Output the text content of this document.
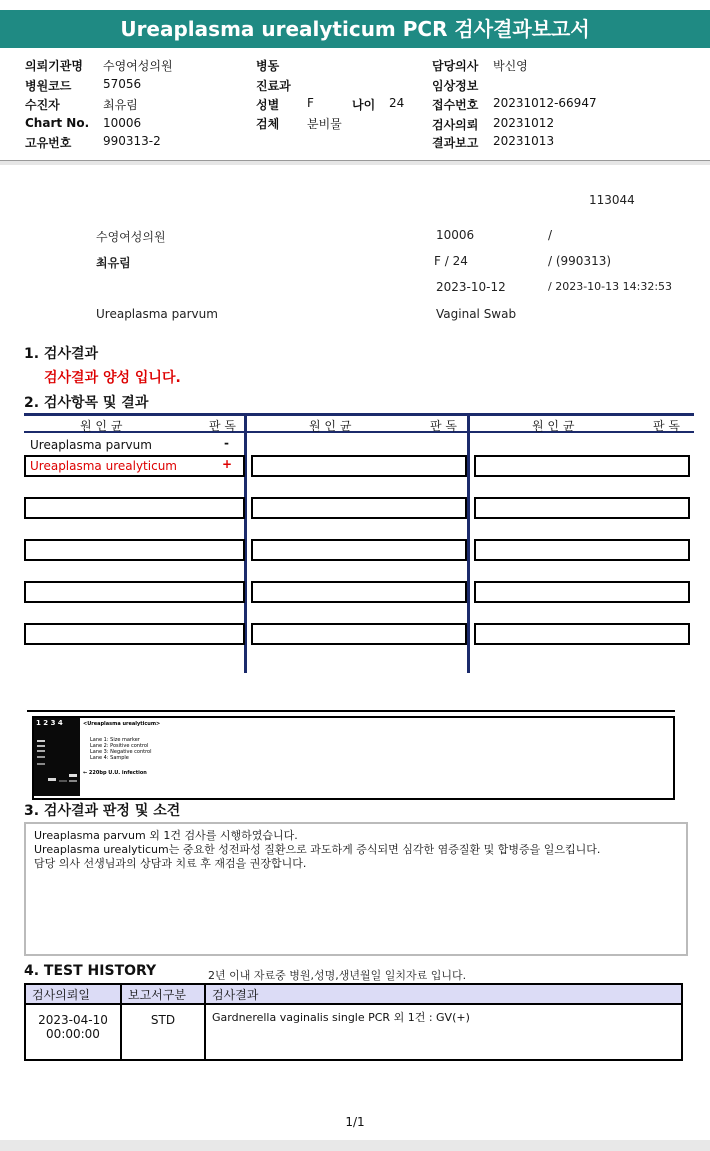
Ureaplasma urealyticum PCR 검사결과보고서
의뢰기관명 수영여성의원
병원코드	57056
수진자	최유림
Chart No. 10006
고유번호	990313-2
병동
진료과
성별 F	나이 24
검체 분비물
담당의사 박신영
임상정보
접수번호 20231012-66947
검사의뢰 20231012
결과보고 20231013
113044
수영여성의원	10006	/
최유림	F / 24	/ (990313)
2023-10-12	/ 2023-10-13 14:32:53
Ureaplasma parvum	Vaginal Swab
1. 검사결과
검사결과 양성 입니다.
2. 검사항목 및 결과
원 인 균	판 독	원 인 균	판 독	원 인 균	판 독
Ureaplasma parvum	-
Ureaplasma urealyticum	+
1 2 3 4	<Ureaplasma urealyticum>
Lane 1: Size marker
Lane 2: Positive control
Lane 3: Negative control
Lane 4: Sample
← 220bp U.U. infection
3. 검사결과 판정 및 소견
Ureaplasma parvum 외 1건 검사를 시행하였습니다.
Ureaplasma urealyticum는 중요한 성전파성 질환으로 과도하게 증식되면 심각한 염증질환 및 합병증을 일으킵니다.
담당 의사 선생님과의 상담과 치료 후 재검을 권장합니다.
4. TEST HISTORY	2년 이내 자료중 병원,성명,생년월일 일치자료 입니다.
검사의뢰일	보고서구분	검사결과

2023-04-10
00:00:00	STD	Gardnerella vaginalis single PCR 외 1건 : GV(+)
1/1
